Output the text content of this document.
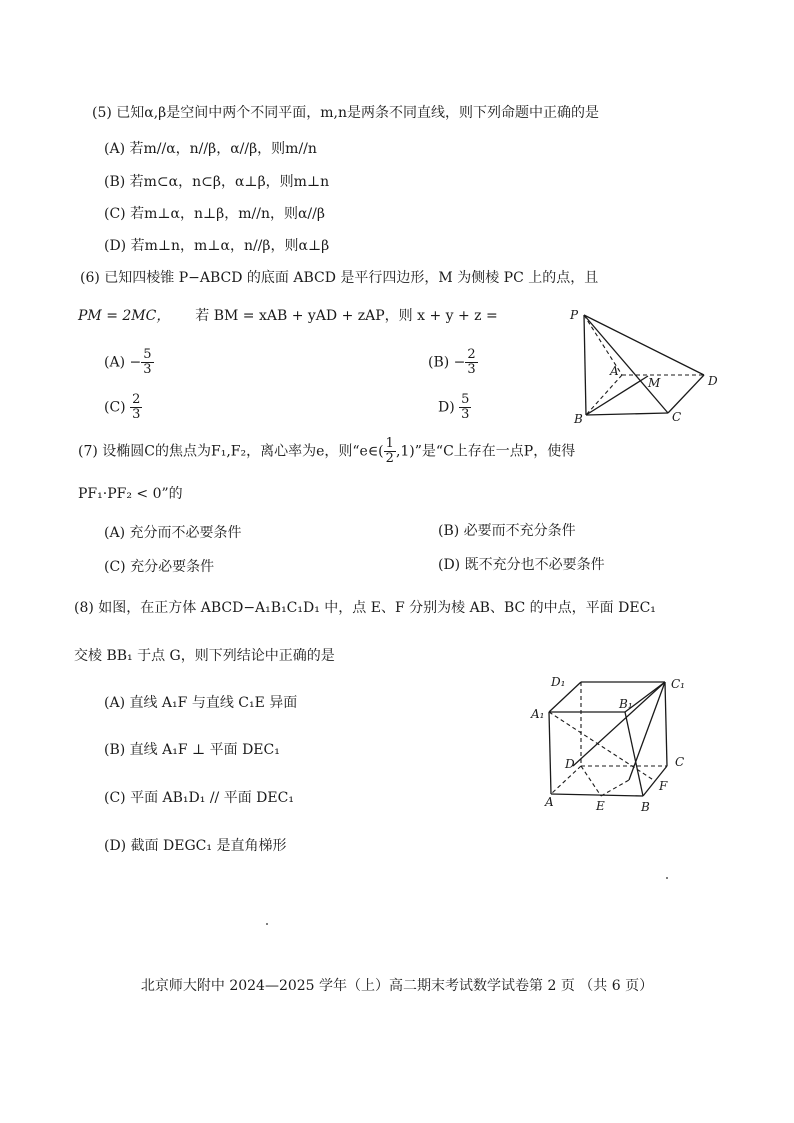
(5) 已知α,β是空间中两个不同平面，m,n是两条不同直线，则下列命题中正确的是
(A) 若m//α，n//β，α//β，则m//n
(B) 若m⊂α，n⊂β，α⊥β，则m⊥n
(C) 若m⊥α，n⊥β，m//n，则α//β
(D) 若m⊥n，m⊥α，n//β，则α⊥β
(6) 已知四棱锥 P−ABCD 的底面 ABCD 是平行四边形，M 为侧棱 PC 上的点，且
PM = 2MC， 若 BM = xAB + yAD + zAP，则 x + y + z =
$(A) - \frac{5}{3}$	$(B) - \frac{2}{3}$
$(C) \frac{2}{3}$	$D) \frac{5}{3}$
P
A
M	D
B	C
(7) 设椭圆C的焦点为F₁,F₂，离心率为e，则“e∈( $\frac{1}{2} ,1$)”是“C上存在一点P，使得
PF₁·PF₂ < 0”的
(A) 充分而不必要条件	(B) 必要而不充分条件
(C) 充分必要条件	(D) 既不充分也不必要条件
(8) 如图，在正方体 ABCD−A₁B₁C₁D₁ 中，点 E、F 分别为棱 AB、BC 的中点，平面 DEC₁
交棱 BB₁ 于点 G，则下列结论中正确的是
(A) 直线 A₁F 与直线 C₁E 异面
(B) 直线 A₁F ⊥ 平面 DEC₁
(C) 平面 AB₁D₁ // 平面 DEC₁
(D) 截面 DEGC₁ 是直角梯形
D₁	C₁
A₁
B₁
D	C
F
A	E	B
北京师大附中 2024—2025 学年（上）高二期末考试数学试卷第 2 页 （共 6 页）
